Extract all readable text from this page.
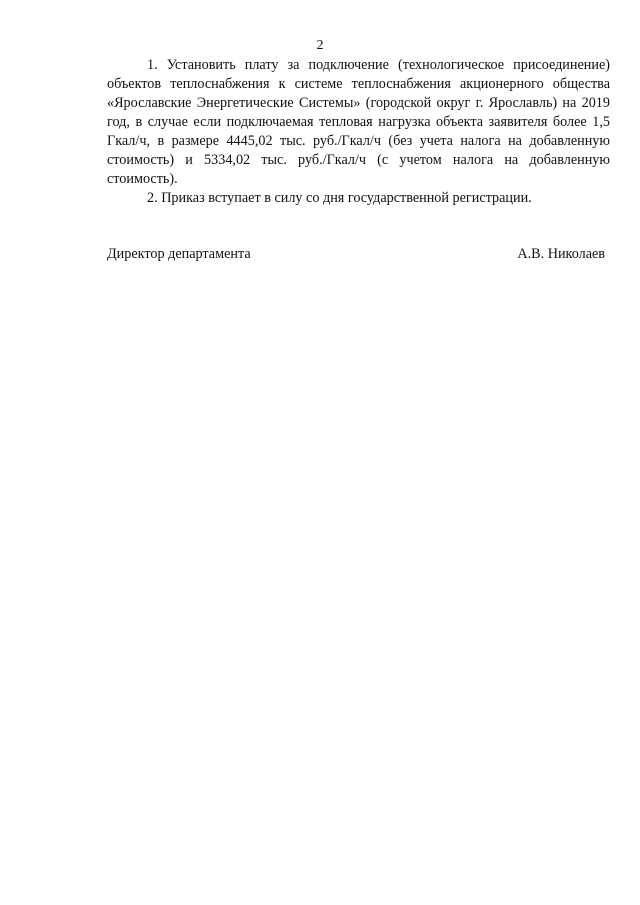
2

1. Установить плату за подключение (технологическое присоединение) объектов теплоснабжения к системе теплоснабжения акционерного общества «Ярославские Энергетические Системы» (городской округ г. Ярославль) на 2019 год, в случае если подключаемая тепловая нагрузка объекта заявителя более 1,5 Гкал/ч, в размере 4445,02 тыс. руб./Гкал/ч (без учета налога на добавленную стоимость) и 5334,02 тыс. руб./Гкал/ч (с учетом налога на добавленную стоимость).

2. Приказ вступает в силу со дня государственной регистрации.

Директор департамента	А.В. Николаев
